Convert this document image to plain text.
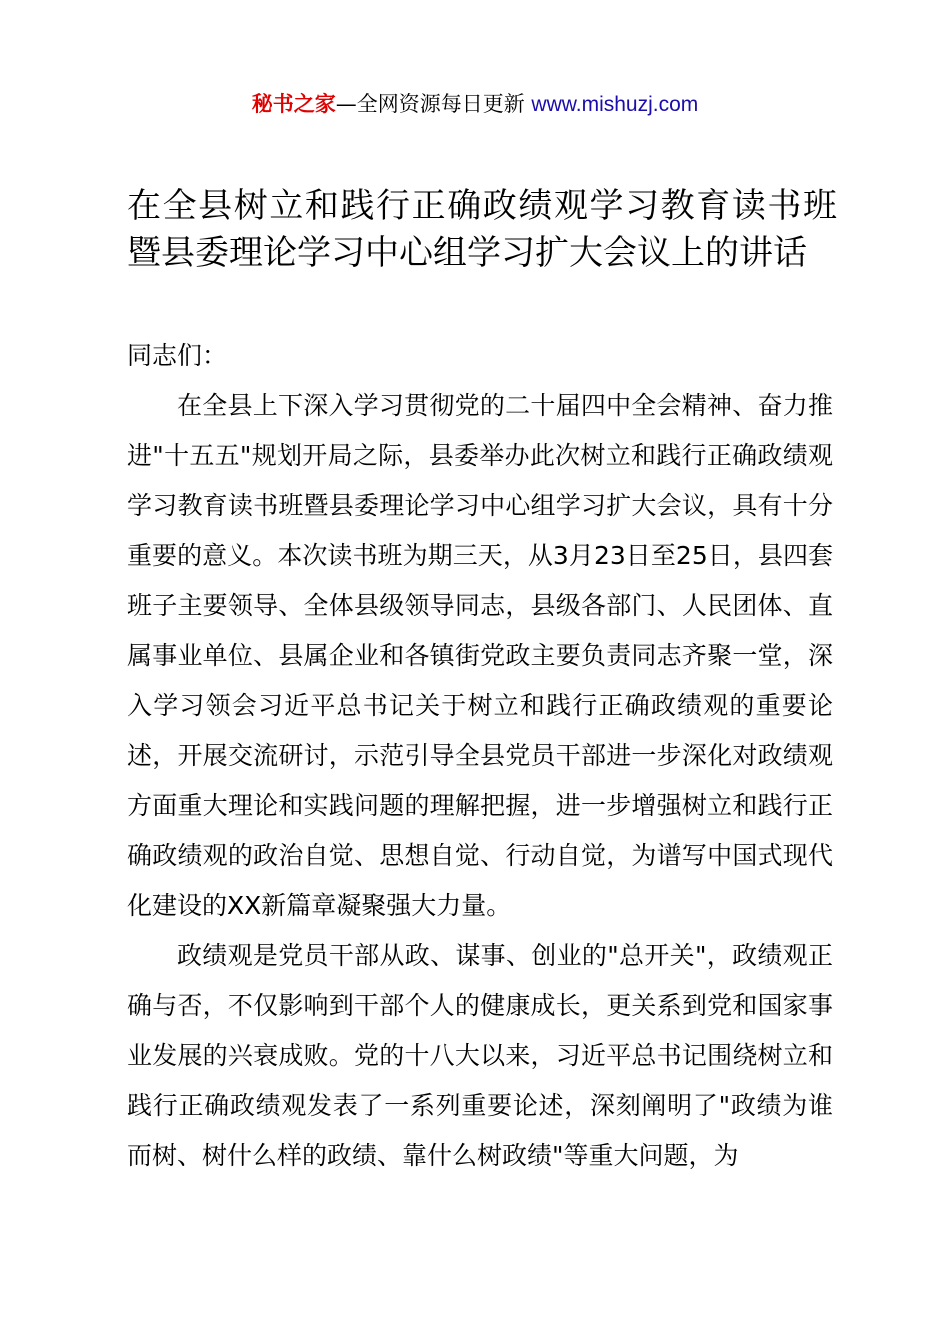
秘书之家—全网资源每日更新 www.mishuzj.com
在全县树立和践行正确政绩观学习教育读书班暨县委理论学习中心组学习扩大会议上的讲话

同志们：

在全县上下深入学习贯彻党的二十届四中全会精神、奋力推进"十五五"规划开局之际，县委举办此次树立和践行正确政绩观学习教育读书班暨县委理论学习中心组学习扩大会议，具有十分重要的意义。本次读书班为期三天，从3月23日至25日，县四套班子主要领导、全体县级领导同志，县级各部门、人民团体、直属事业单位、县属企业和各镇街党政主要负责同志齐聚一堂，深入学习领会习近平总书记关于树立和践行正确政绩观的重要论述，开展交流研讨，示范引导全县党员干部进一步深化对政绩观方面重大理论和实践问题的理解把握，进一步增强树立和践行正确政绩观的政治自觉、思想自觉、行动自觉，为谱写中国式现代化建设的XX新篇章凝聚强大力量。

政绩观是党员干部从政、谋事、创业的"总开关"，政绩观正确与否，不仅影响到干部个人的健康成长，更关系到党和国家事业发展的兴衰成败。党的十八大以来，习近平总书记围绕树立和践行正确政绩观发表了一系列重要论述，深刻阐明了"政绩为谁而树、树什么样的政绩、靠什么树政绩"等重大问题，为
